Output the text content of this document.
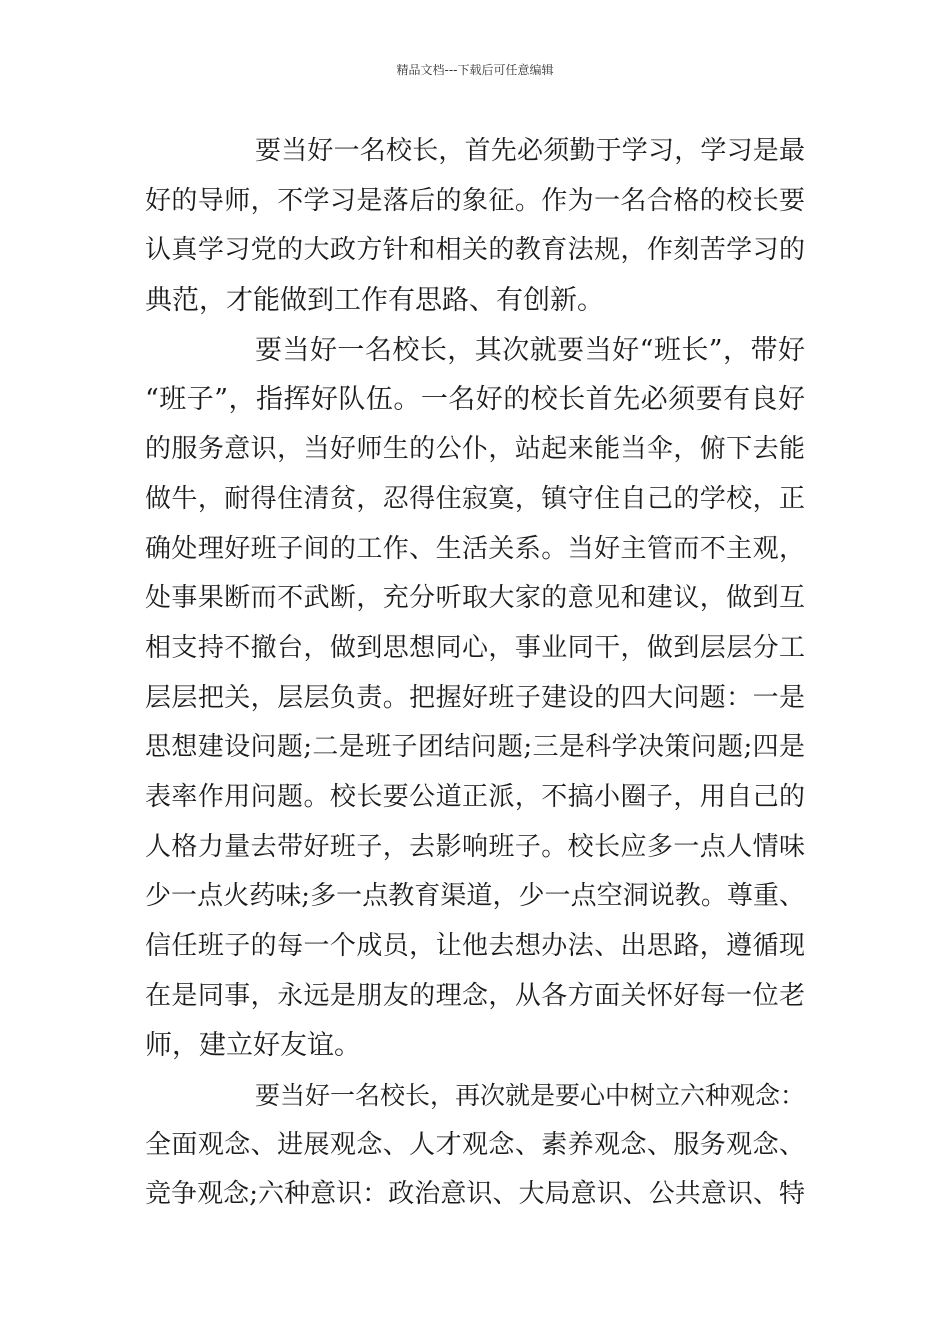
精品文档---下载后可任意编辑
要当好一名校长，首先必须勤于学习，学习是最
好的导师，不学习是落后的象征。作为一名合格的校长要
认真学习党的大政方针和相关的教育法规，作刻苦学习的
典范，才能做到工作有思路、有创新。
要当好一名校长，其次就要当好“班长”，带好
“班子”，指挥好队伍。一名好的校长首先必须要有良好
的服务意识，当好师生的公仆，站起来能当伞，俯下去能
做牛，耐得住清贫，忍得住寂寞，镇守住自己的学校，正
确处理好班子间的工作、生活关系。当好主管而不主观，
处事果断而不武断，充分听取大家的意见和建议，做到互
相支持不撤台，做到思想同心，事业同干，做到层层分工
层层把关，层层负责。把握好班子建设的四大问题：一是
思想建设问题;二是班子团结问题;三是科学决策问题;四是
表率作用问题。校长要公道正派，不搞小圈子，用自己的
人格力量去带好班子，去影响班子。校长应多一点人情味
少一点火药味;多一点教育渠道，少一点空洞说教。尊重、
信任班子的每一个成员，让他去想办法、出思路，遵循现
在是同事，永远是朋友的理念，从各方面关怀好每一位老
师，建立好友谊。
要当好一名校长，再次就是要心中树立六种观念：
全面观念、进展观念、人才观念、素养观念、服务观念、
竞争观念;六种意识：政治意识、大局意识、公共意识、特
